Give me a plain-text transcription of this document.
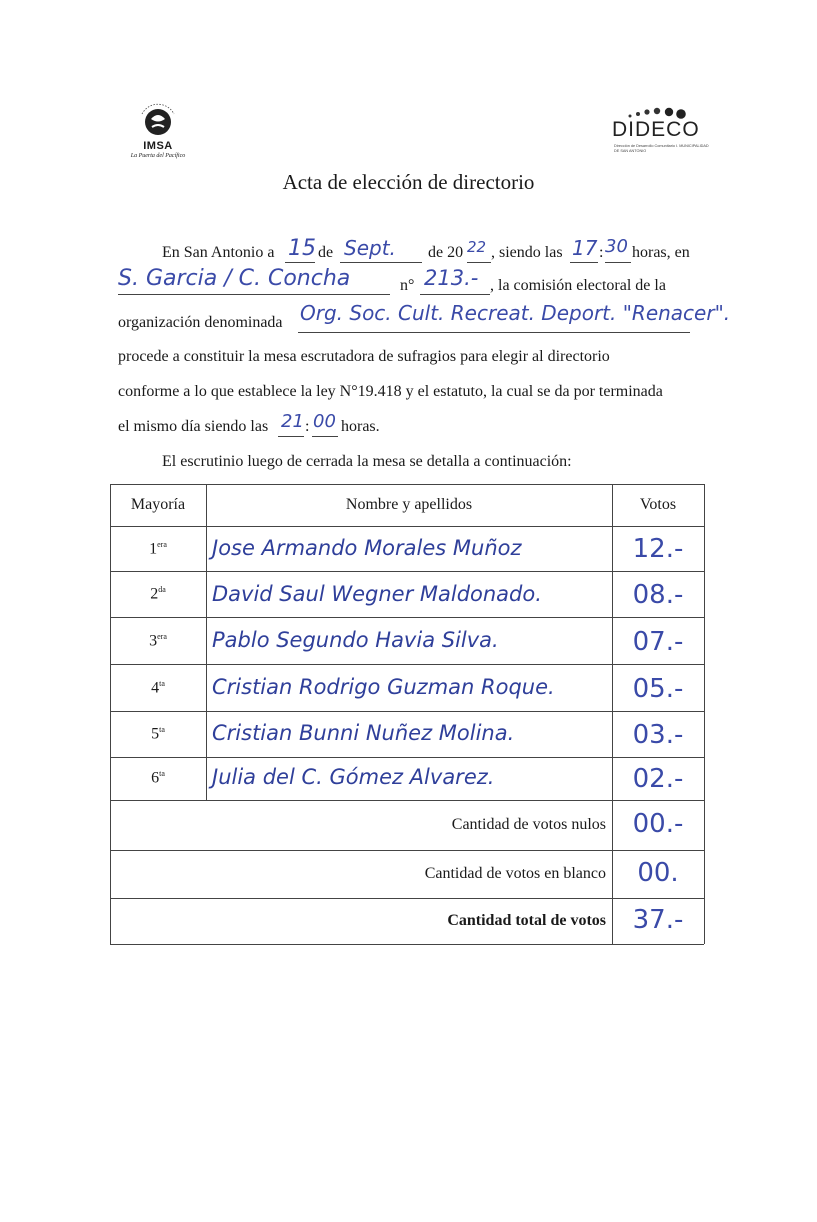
IMSA
La Puerta del Pacífico
DIDECO
Dirección de Desarrollo Comunitario I. MUNICIPALIDAD DE SAN ANTONIO
Acta de elección de directorio
En San Antonio a 15 de Sept. de 20 22 , siendo las 17 : 30 horas, en
S. Garcia / C. Concha	n° 213.- , la comisión electoral de la
organización denominada Org. Soc. Cult. Recreat. Deport. "Renacer".
procede a constituir la mesa escrutadora de sufragios para elegir al directorio
conforme a lo que establece la ley N°19.418 y el estatuto, la cual se da por terminada
el mismo día siendo las 21 : 00 horas.
El escrutinio luego de cerrada la mesa se detalla a continuación:
Mayoría	Nombre y apellidos	Votos
$1^{era}$	Jose Armando Morales Muñoz	12.-
$2^{da}$	David Saul Wegner Maldonado.	08.-
$3^{era}$	Pablo Segundo Havia Silva.	07.-
$4^{ta}$	Cristian Rodrigo Guzman Roque.	05.-
$5^{ta}$	Cristian Bunni Nuñez Molina.	03.-
$6^{ta}$	Julia del C. Gómez Alvarez.	02.-
Cantidad de votos nulos	00.-
Cantidad de votos en blanco	00.
Cantidad total de votos	37.-
